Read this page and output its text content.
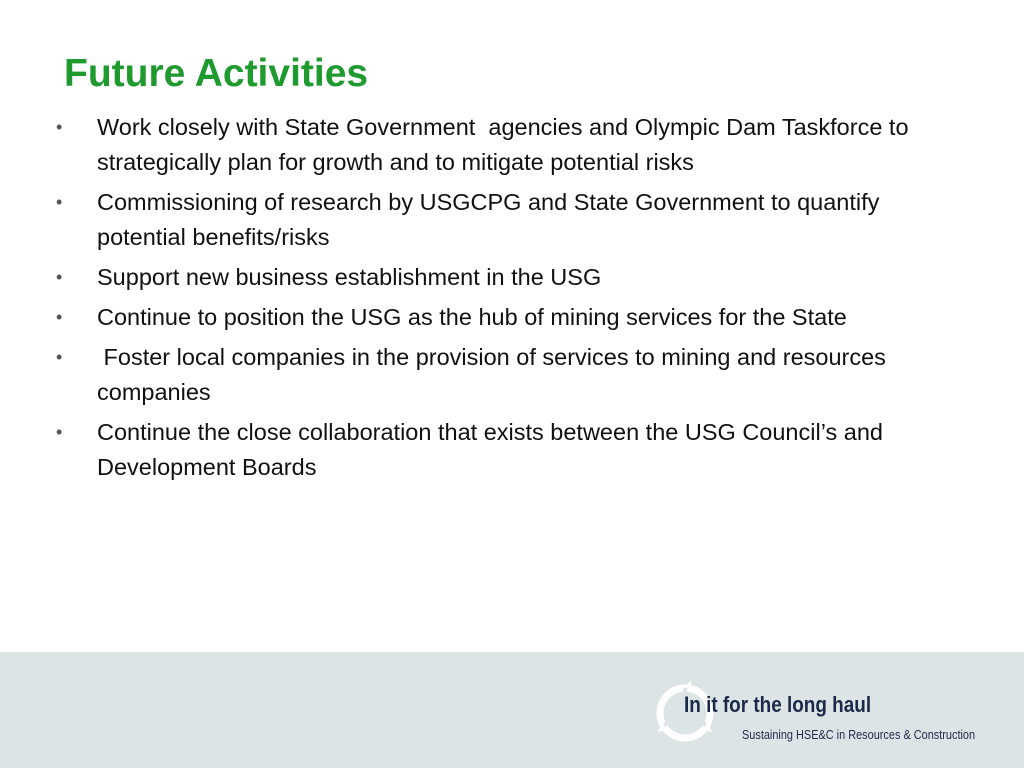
Future Activities
•	Work closely with State Government  agencies and Olympic Dam Taskforce to strategically plan for growth and to mitigate potential risks
•	Commissioning of research by USGCPG and State Government to quantify potential benefits/risks
•	Support new business establishment in the USG
•	Continue to position the USG as the hub of mining services for the State
•	Foster local companies in the provision of services to mining and resources companies
•	Continue the close collaboration that exists between the USG Council’s and Development Boards

In it for the long haul

Sustaining HSE&C in Resources & Construction
